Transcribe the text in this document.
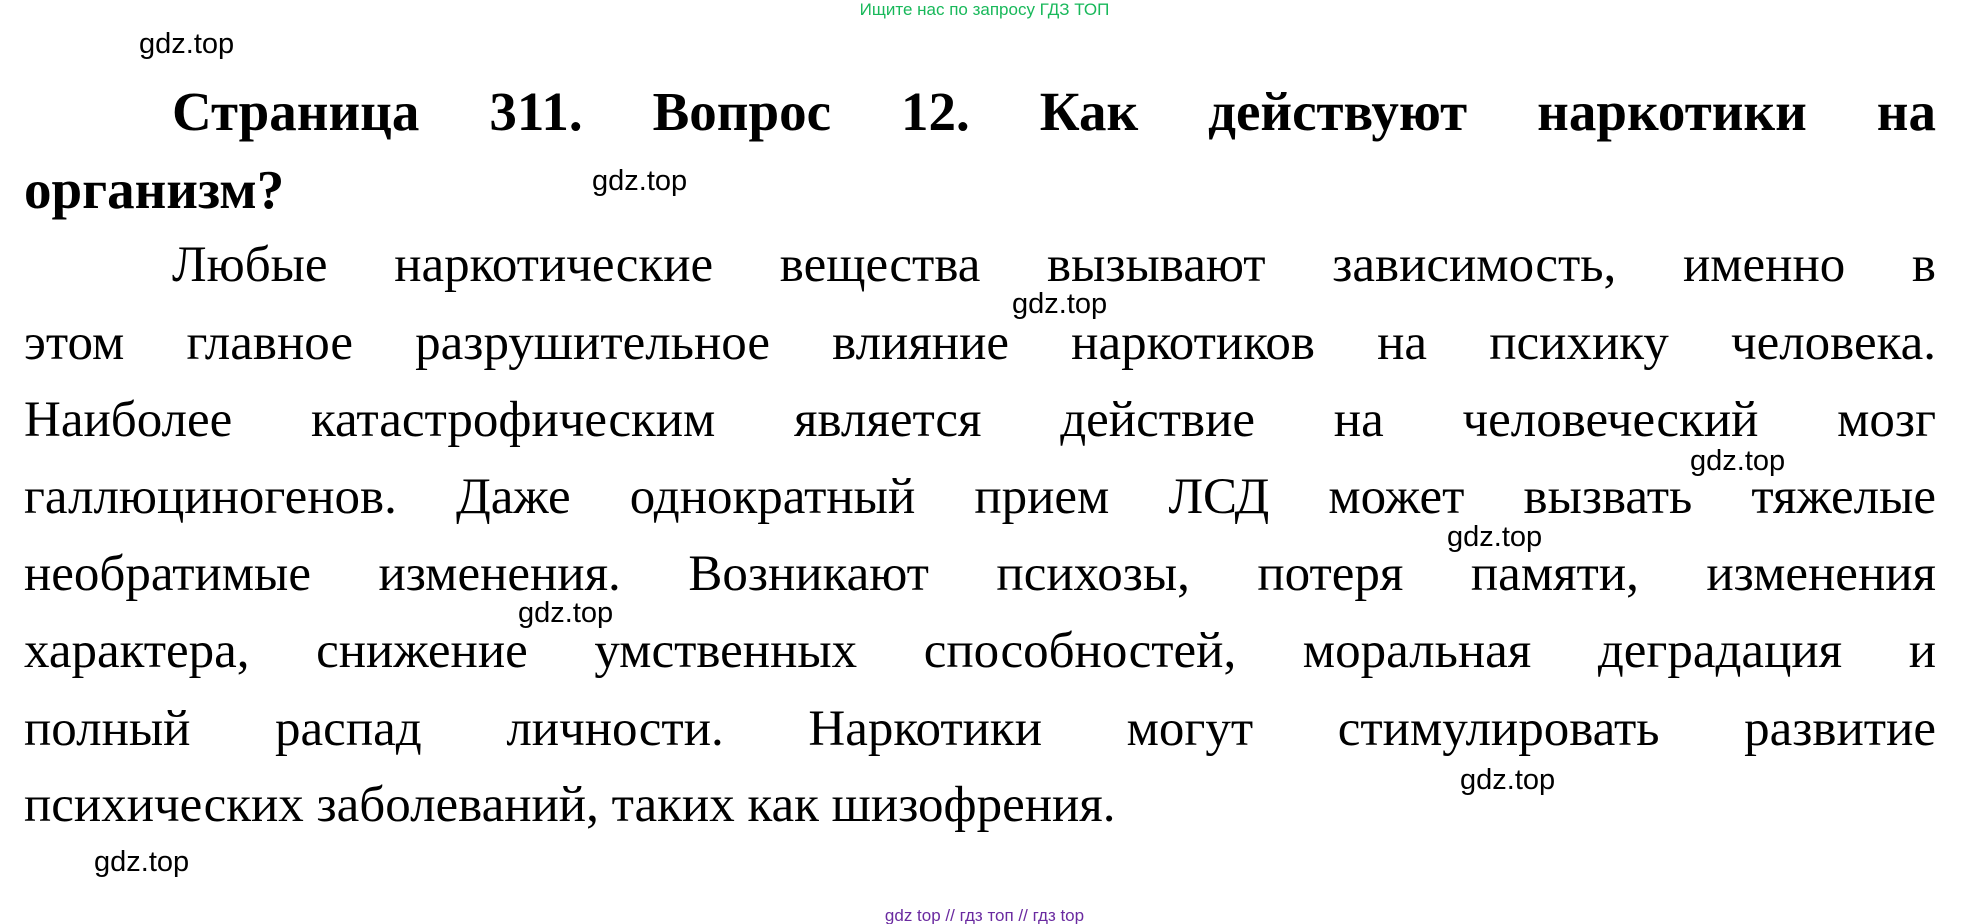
Ищите нас по запросу ГДЗ ТОП
gdz.top
Страница 311. Вопрос 12. Как действуют наркотики на
организм?	gdz.top
Любые наркотические вещества вызывают зависимость, именно в
gdz.top
этом главное разрушительное влияние наркотиков на психику человека.
Наиболее катастрофическим является действие на человеческий мозг
gdz.top
галлюциногенов. Даже однократный прием ЛСД может вызвать тяжелые
gdz.top
необратимые изменения. Возникают психозы, потеря памяти, изменения
gdz.top
характера, снижение умственных способностей, моральная деградация и
полный распад личности. Наркотики могут стимулировать развитие
gdz.top
психических заболеваний, таких как шизофрения.
gdz.top
gdz top // гдз топ // гдз top
